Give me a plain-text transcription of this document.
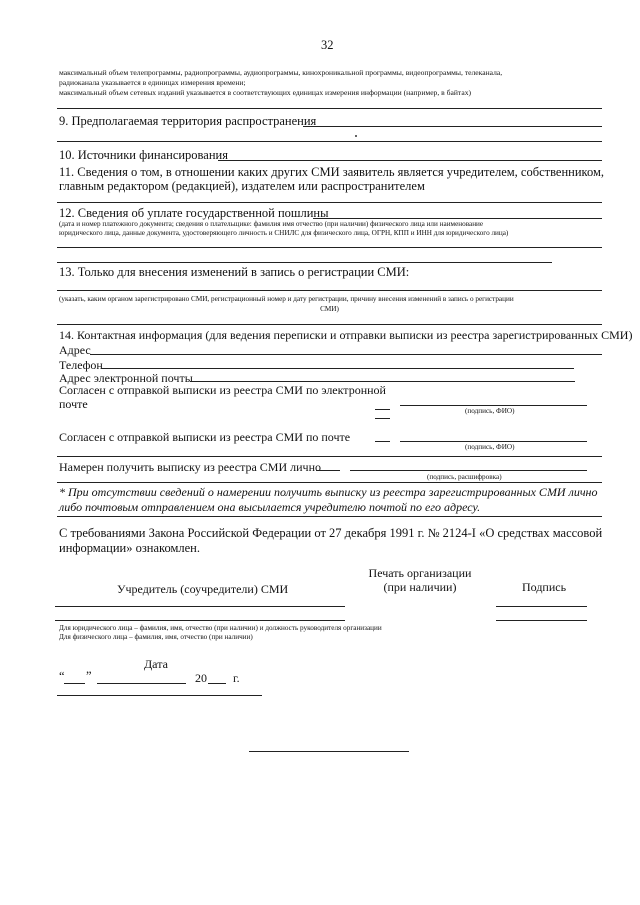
32
максимальный объем телепрограммы, радиопрограммы, аудиопрограммы, кинохроникальной программы, видеопрограммы, телеканала,
радиоканала указывается в единицах измерения времени;
максимальный объем сетевых изданий указывается в соответствующих единицах измерения информации (например, в байтах)
9. Предполагаемая территория распространения
10. Источники финансирования
11. Сведения о том, в отношении каких других СМИ заявитель является учредителем, собственником,
главным редактором (редакцией), издателем или распространителем
12. Сведения об уплате государственной пошлины
(дата и номер платежного документа; сведения о плательщике: фамилия имя отчество (при наличии) физического лица или наименование
юридического лица, данные документа, удостоверяющего личность и СНИЛС для физического лица, ОГРН, КПП и ИНН для юридического лица)
13. Только для внесения изменений в запись о регистрации СМИ:
(указать, каким органом зарегистрировано СМИ, регистрационный номер и дату регистрации, причину внесения изменений в запись о регистрации
СМИ)
14. Контактная информация (для ведения переписки и отправки выписки из реестра зарегистрированных СМИ)
Адрес
Телефон
Адрес электронной почты
Согласен с отправкой выписки из реестра СМИ по электронной
почте	(подпись, ФИО)
Согласен с отправкой выписки из реестра СМИ по почте
(подпись, ФИО)
Намерен получить выписку из реестра СМИ лично
(подпись, расшифровка)
* При отсутствии сведений о намерении получить выписку из реестра зарегистрированных СМИ лично
либо почтовым отправлением она высылается учредителю почтой по его адресу.
С требованиями Закона Российской Федерации от 27 декабря 1991 г. № 2124-I «О средствах массовой
информации» ознакомлен.
Учредитель (соучредители) СМИ
Печать организации
(при наличии)	Подпись
Для юридического лица – фамилия, имя, отчество (при наличии) и должность руководителя организации
Для физического лица – фамилия, имя, отчество (при наличии)
Дата
“ ”	20 г.
